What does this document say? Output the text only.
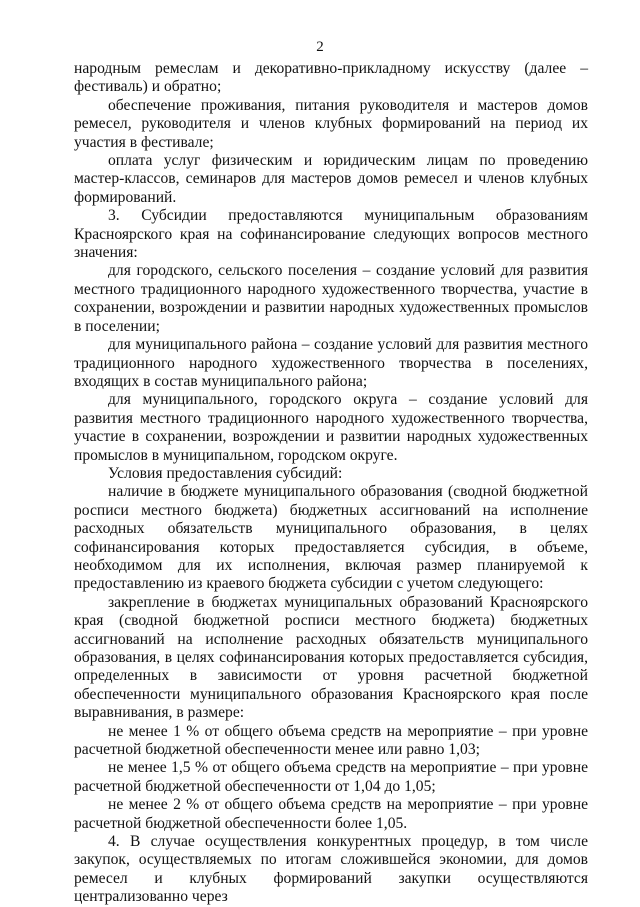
2

народным ремеслам и декоративно-прикладному искусству (далее – фестиваль) и обратно;

обеспечение проживания, питания руководителя и мастеров домов ремесел, руководителя и членов клубных формирований на период их участия в фестивале;

оплата услуг физическим и юридическим лицам по проведению мастер-классов, семинаров для мастеров домов ремесел и членов клубных формирований.

3. Субсидии предоставляются муниципальным образованиям Красноярского края на софинансирование следующих вопросов местного значения:

для городского, сельского поселения – создание условий для развития местного традиционного народного художественного творчества, участие в сохранении, возрождении и развитии народных художественных промыслов в поселении;

для муниципального района – создание условий для развития местного традиционного народного художественного творчества в поселениях, входящих в состав муниципального района;

для муниципального, городского округа – создание условий для развития местного традиционного народного художественного творчества, участие в сохранении, возрождении и развитии народных художественных промыслов в муниципальном, городском округе.

Условия предоставления субсидий:

наличие в бюджете муниципального образования (сводной бюджетной росписи местного бюджета) бюджетных ассигнований на исполнение расходных обязательств муниципального образования, в целях софинансирования которых предоставляется субсидия, в объеме, необходимом для их исполнения, включая размер планируемой к предоставлению из краевого бюджета субсидии с учетом следующего:

закрепление в бюджетах муниципальных образований Красноярского края (сводной бюджетной росписи местного бюджета) бюджетных ассигнований на исполнение расходных обязательств муниципального образования, в целях софинансирования которых предоставляется субсидия, определенных в зависимости от уровня расчетной бюджетной обеспеченности муниципального образования Красноярского края после выравнивания, в размере:

не менее 1 % от общего объема средств на мероприятие – при уровне расчетной бюджетной обеспеченности менее или равно 1,03;

не менее 1,5 % от общего объема средств на мероприятие – при уровне расчетной бюджетной обеспеченности от 1,04 до 1,05;

не менее 2 % от общего объема средств на мероприятие – при уровне расчетной бюджетной обеспеченности более 1,05.

4. В случае осуществления конкурентных процедур, в том числе закупок, осуществляемых по итогам сложившейся экономии, для домов ремесел и клубных формирований закупки осуществляются централизованно через
